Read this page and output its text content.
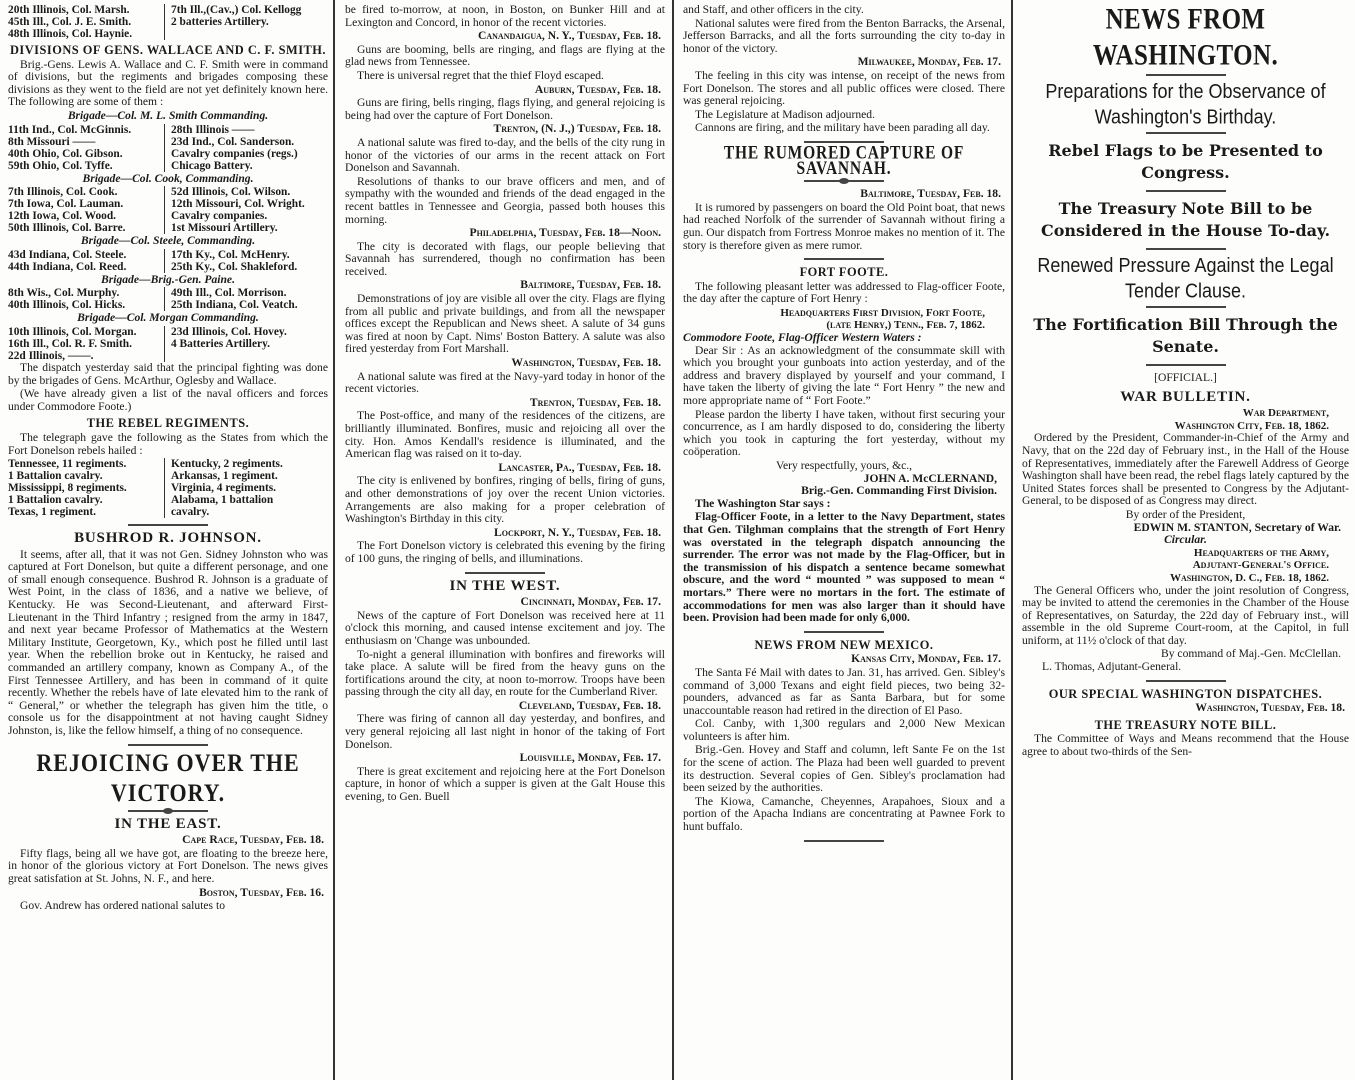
20th Illinois, Col. Marsh.
45th Ill., Col. J. E. Smith.
48th Illinois, Col. Haynie.
7th Ill.,(Cav.,) Col. Kellogg
2 batteries Artillery.
DIVISIONS OF GENS. WALLACE AND C. F. SMITH.

Brig.-Gens. Lewis A. Wallace and C. F. Smith were in command of divisions, but the regiments and brigades composing these divisions as they went to the field are not yet definitely known here. The following are some of them :

Brigade—Col. M. L. Smith Commanding.
11th Ind., Col. McGinnis.
8th Missouri ——
40th Ohio, Col. Gibson.
59th Ohio, Col. Tyffe.
28th Illinois ——
23d Ind., Col. Sanderson.
Cavalry companies (regs.)
Chicago Battery.
Brigade—Col. Cook, Commanding.
7th Illinois, Col. Cook.
7th Iowa, Col. Lauman.
12th Iowa, Col. Wood.
50th Illinois, Col. Barre.
52d Illinois, Col. Wilson.
12th Missouri, Col. Wright.
Cavalry companies.
1st Missouri Artillery.
Brigade—Col. Steele, Commanding.
43d Indiana, Col. Steele.
44th Indiana, Col. Reed.
17th Ky., Col. McHenry.
25th Ky., Col. Shakleford.
Brigade—Brig.-Gen. Paine.
8th Wis., Col. Murphy.
40th Illinois, Col. Hicks.
49th Ill., Col. Morrison.
25th Indiana, Col. Veatch.
Brigade—Col. Morgan Commanding.
10th Illinois, Col. Morgan.
16th Ill., Col. R. F. Smith.
22d Illinois, ——.
23d Illinois, Col. Hovey.
4 Batteries Artillery.

The dispatch yesterday said that the principal fighting was done by the brigades of Gens. McArthur, Oglesby and Wallace.

(We have already given a list of the naval officers and forces under Commodore Foote.)

THE REBEL REGIMENTS.

The telegraph gave the following as the States from which the Fort Donelson rebels hailed :

Tennessee, 11 regiments.
1 Battalion cavalry.
Mississippi, 8 regiments.
1 Battalion cavalry.
Texas, 1 regiment.
Kentucky, 2 regiments.
Arkansas, 1 regiment.
Virginia, 4 regiments.
Alabama, 1 battalion
cavalry.
BUSHROD R. JOHNSON.

It seems, after all, that it was not Gen. Sidney Johnston who was captured at Fort Donelson, but quite a different personage, and one of small enough consequence. Bushrod R. Johnson is a graduate of West Point, in the class of 1836, and a native we believe, of Kentucky. He was Second-Lieutenant, and afterward First-Lieutenant in the Third Infantry ; resigned from the army in 1847, and next year became Professor of Mathematics at the Western Military Institute, Georgetown, Ky., which post he filled until last year. When the rebellion broke out in Kentucky, he raised and commanded an artillery company, known as Company A., of the First Tennessee Artillery, and has been in command of it quite recently. Whether the rebels have of late elevated him to the rank of “ General,” or whether the telegraph has given him the title, o console us for the disappointment at not having caught Sidney Johnston, is, like the fellow himself, a thing of no consequence.

REJOICING OVER THE VICTORY.
IN THE EAST.
Cape Race, Tuesday, Feb. 18.

Fifty flags, being all we have got, are floating to the breeze here, in honor of the glorious victory at Fort Donelson. The news gives great satisfation at St. Johns, N. F., and here.

Boston, Tuesday, Feb. 16.

Gov. Andrew has ordered national salutes to

be fired to-morrow, at noon, in Boston, on Bunker Hill and at Lexington and Concord, in honor of the recent victories.

Canandaigua, N. Y., Tuesday, Feb. 18.

Guns are booming, bells are ringing, and flags are flying at the glad news from Tennessee.

There is universal regret that the thief Floyd escaped.

Auburn, Tuesday, Feb. 18.

Guns are firing, bells ringing, flags flying, and general rejoicing is being had over the capture of Fort Donelson.

Trenton, (N. J.,) Tuesday, Feb. 18.

A national salute was fired to-day, and the bells of the city rung in honor of the victories of our arms in the recent attack on Fort Donelson and Savannah.

Resolutions of thanks to our brave officers and men, and of sympathy with the wounded and friends of the dead engaged in the recent battles in Tennessee and Georgia, passed both houses this morning.

Philadelphia, Tuesday, Feb. 18—Noon.

The city is decorated with flags, our people believing that Savannah has surrendered, though no confirmation has been received.

Baltimore, Tuesday, Feb. 18.

Demonstrations of joy are visible all over the city. Flags are flying from all public and private buildings, and from all the newspaper offices except the Republican and News sheet. A salute of 34 guns was fired at noon by Capt. Nims' Boston Battery. A salute was also fired yesterday from Fort Marshall.

Washington, Tuesday, Feb. 18.

A national salute was fired at the Navy-yard today in honor of the recent victories.

Trenton, Tuesday, Feb. 18.

The Post-office, and many of the residences of the citizens, are brilliantly illuminated. Bonfires, music and rejoicing all over the city. Hon. Amos Kendall's residence is illuminated, and the American flag was raised on it to-day.

Lancaster, Pa., Tuesday, Feb. 18.

The city is enlivened by bonfires, ringing of bells, firing of guns, and other demonstrations of joy over the recent Union victories. Arrangements are also making for a proper celebration of Washington's Birthday in this city.

Lockport, N. Y., Tuesday, Feb. 18.

The Fort Donelson victory is celebrated this evening by the firing of 100 guns, the ringing of bells, and illuminations.

IN THE WEST.
Cincinnati, Monday, Feb. 17.

News of the capture of Fort Donelson was received here at 11 o'clock this morning, and caused intense excitement and joy. The enthusiasm on 'Change was unbounded.

To-night a general illumination with bonfires and fireworks will take place. A salute will be fired from the heavy guns on the fortifications around the city, at noon to-morrow. Troops have been passing through the city all day, en route for the Cumberland River.

Cleveland, Tuesday, Feb. 18.

There was firing of cannon all day yesterday, and bonfires, and very general rejoicing all last night in honor of the taking of Fort Donelson.

Louisville, Monday, Feb. 17.

There is great excitement and rejoicing here at the Fort Donelson capture, in honor of which a supper is given at the Galt House this evening, to Gen. Buell

and Staff, and other officers in the city.

National salutes were fired from the Benton Barracks, the Arsenal, Jefferson Barracks, and all the forts surrounding the city to-day in honor of the victory.

Milwaukee, Monday, Feb. 17.

The feeling in this city was intense, on receipt of the news from Fort Donelson. The stores and all public offices were closed. There was general rejoicing.

The Legislature at Madison adjourned.

Cannons are firing, and the military have been parading all day.

THE RUMORED CAPTURE OF SAVANNAH.
Baltimore, Tuesday, Feb. 18.

It is rumored by passengers on board the Old Point boat, that news had reached Norfolk of the surrender of Savannah without firing a gun. Our dispatch from Fortress Monroe makes no mention of it. The story is therefore given as mere rumor.

FORT FOOTE.

The following pleasant letter was addressed to Flag-officer Foote, the day after the capture of Fort Henry :

Headquarters First Division, Fort Foote,
(late Henry,) Tenn., Feb. 7, 1862.
Commodore Foote, Flag-Officer Western Waters :

Dear Sir : As an acknowledgment of the consummate skill with which you brought your gunboats into action yesterday, and of the address and bravery displayed by yourself and your command, I have taken the liberty of giving the late “ Fort Henry ” the new and more appropriate name of “ Fort Foote.”

Please pardon the liberty I have taken, without first securing your concurrence, as I am hardly disposed to do, considering the liberty which you took in capturing the fort yesterday, without my coöperation.

Very respectfully, yours, &c.,
JOHN A. McCLERNAND,
Brig.-Gen. Commanding First Division.

The Washington Star says :

Flag-Officer Foote, in a letter to the Navy Department, states that Gen. Tilghman complains that the strength of Fort Henry was overstated in the telegraph dispatch announcing the surrender. The error was not made by the Flag-Officer, but in the transmission of his dispatch a sentence became somewhat obscure, and the word “ mounted ” was supposed to mean “ mortars.” There were no mortars in the fort. The estimate of accommodations for men was also larger than it should have been. Provision had been made for only 6,000.

NEWS FROM NEW MEXICO.
Kansas City, Monday, Feb. 17.

The Santa Fé Mail with dates to Jan. 31, has arrived. Gen. Sibley's command of 3,000 Texans and eight field pieces, two being 32-pounders, advanced as far as Santa Barbara, but for some unaccountable reason had retired in the direction of El Paso.

Col. Canby, with 1,300 regulars and 2,000 New Mexican volunteers is after him.

Brig.-Gen. Hovey and Staff and column, left Sante Fe on the 1st for the scene of action. The Plaza had been well guarded to prevent its destruction. Several copies of Gen. Sibley's proclamation had been seized by the authorities.

The Kiowa, Camanche, Cheyennes, Arapahoes, Sioux and a portion of the Apacha Indians are concentrating at Pawnee Fork to hunt buffalo.

NEWS FROM WASHINGTON.
Preparations for the Observance of Washington's Birthday.
Rebel Flags to be Presented to Congress.
The Treasury Note Bill to be Considered in the House To-day.
Renewed Pressure Against the Legal Tender Clause.
The Fortification Bill Through the Senate.
[OFFICIAL.]
WAR BULLETIN.
War Department,
Washington City, Feb. 18, 1862.

Ordered by the President, Commander-in-Chief of the Army and Navy, that on the 22d day of February inst., in the Hall of the House of Representatives, immediately after the Farewell Address of George Washington shall have been read, the rebel flags lately captured by the United States forces shall be presented to Congress by the Adjutant-General, to be disposed of as Congress may direct.

By order of the President,
EDWIN M. STANTON, Secretary of War.
Circular.
Headquarters of the Army,
Adjutant-General's Office.
Washington, D. C., Feb. 18, 1862.

The General Officers who, under the joint resolution of Congress, may be invited to attend the ceremonies in the Chamber of the House of Representatives, on Saturday, the 22d day of February inst., will assemble in the old Supreme Court-room, at the Capitol, in full uniform, at 11½ o'clock of that day.

By command of Maj.-Gen. McClellan.
L. Thomas, Adjutant-General.
OUR SPECIAL WASHINGTON DISPATCHES.
Washington, Tuesday, Feb. 18.
THE TREASURY NOTE BILL.

The Committee of Ways and Means recommend that the House agree to about two-thirds of the Sen-
